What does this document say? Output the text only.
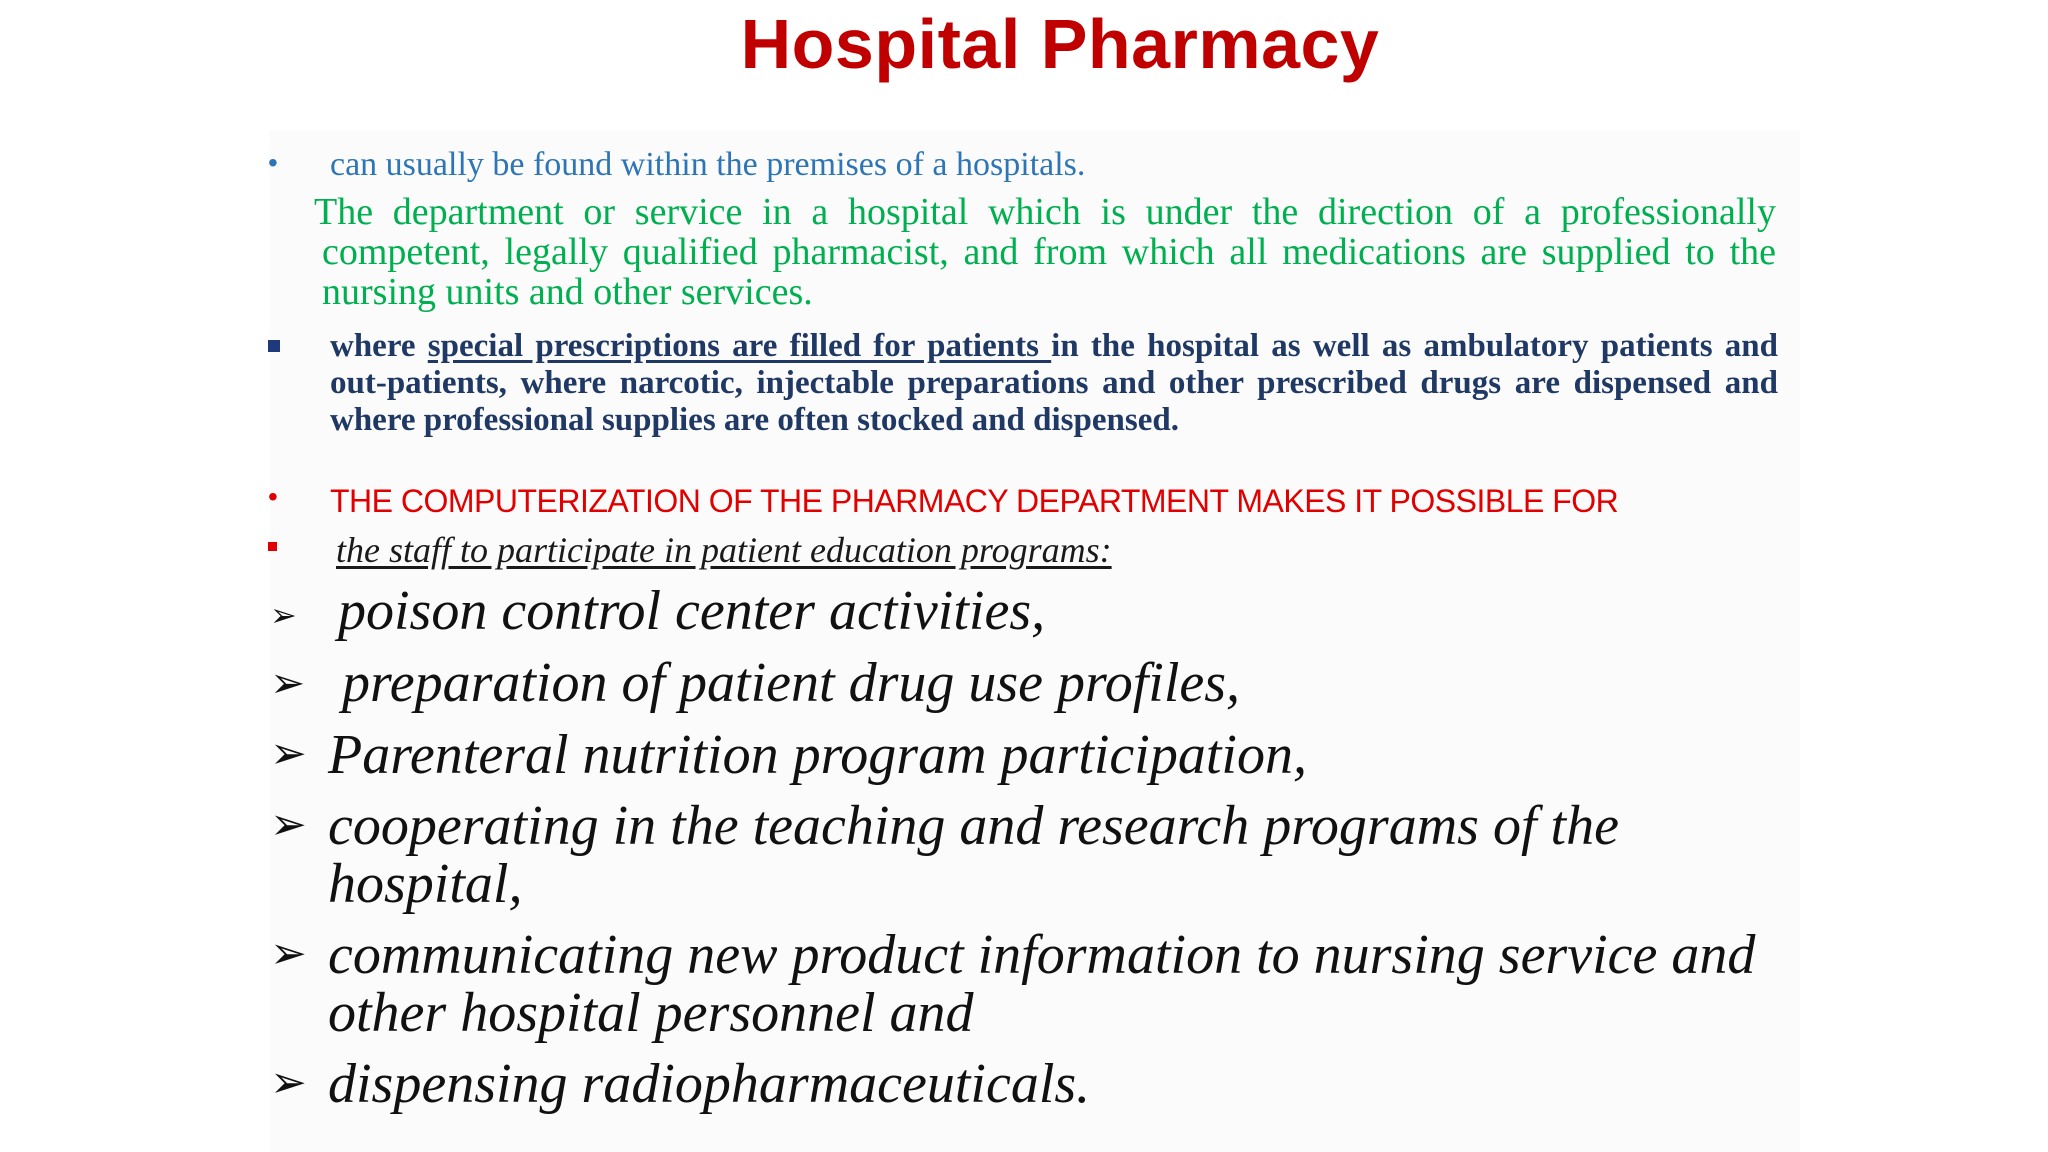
Hospital Pharmacy
• can usually be found within the premises of a hospitals.
The department or service in a hospital which is under the direction of a professionally competent, legally qualified pharmacist, and from which all medications are supplied to the nursing units and other services.
where special prescriptions are filled for patients in the hospital as well as ambulatory patients and out-patients, where narcotic, injectable preparations and other prescribed drugs are dispensed and where professional supplies are often stocked and dispensed.
• THE COMPUTERIZATION OF THE PHARMACY DEPARTMENT MAKES IT POSSIBLE FOR
the staff to participate in patient education programs:
➢ poison control center activities,
➢ preparation of patient drug use profiles,
➢ Parenteral nutrition program participation,
➢ cooperating in the teaching and research programs of the hospital,
➢ communicating new product information to nursing service and other hospital personnel and
➢ dispensing radiopharmaceuticals.
